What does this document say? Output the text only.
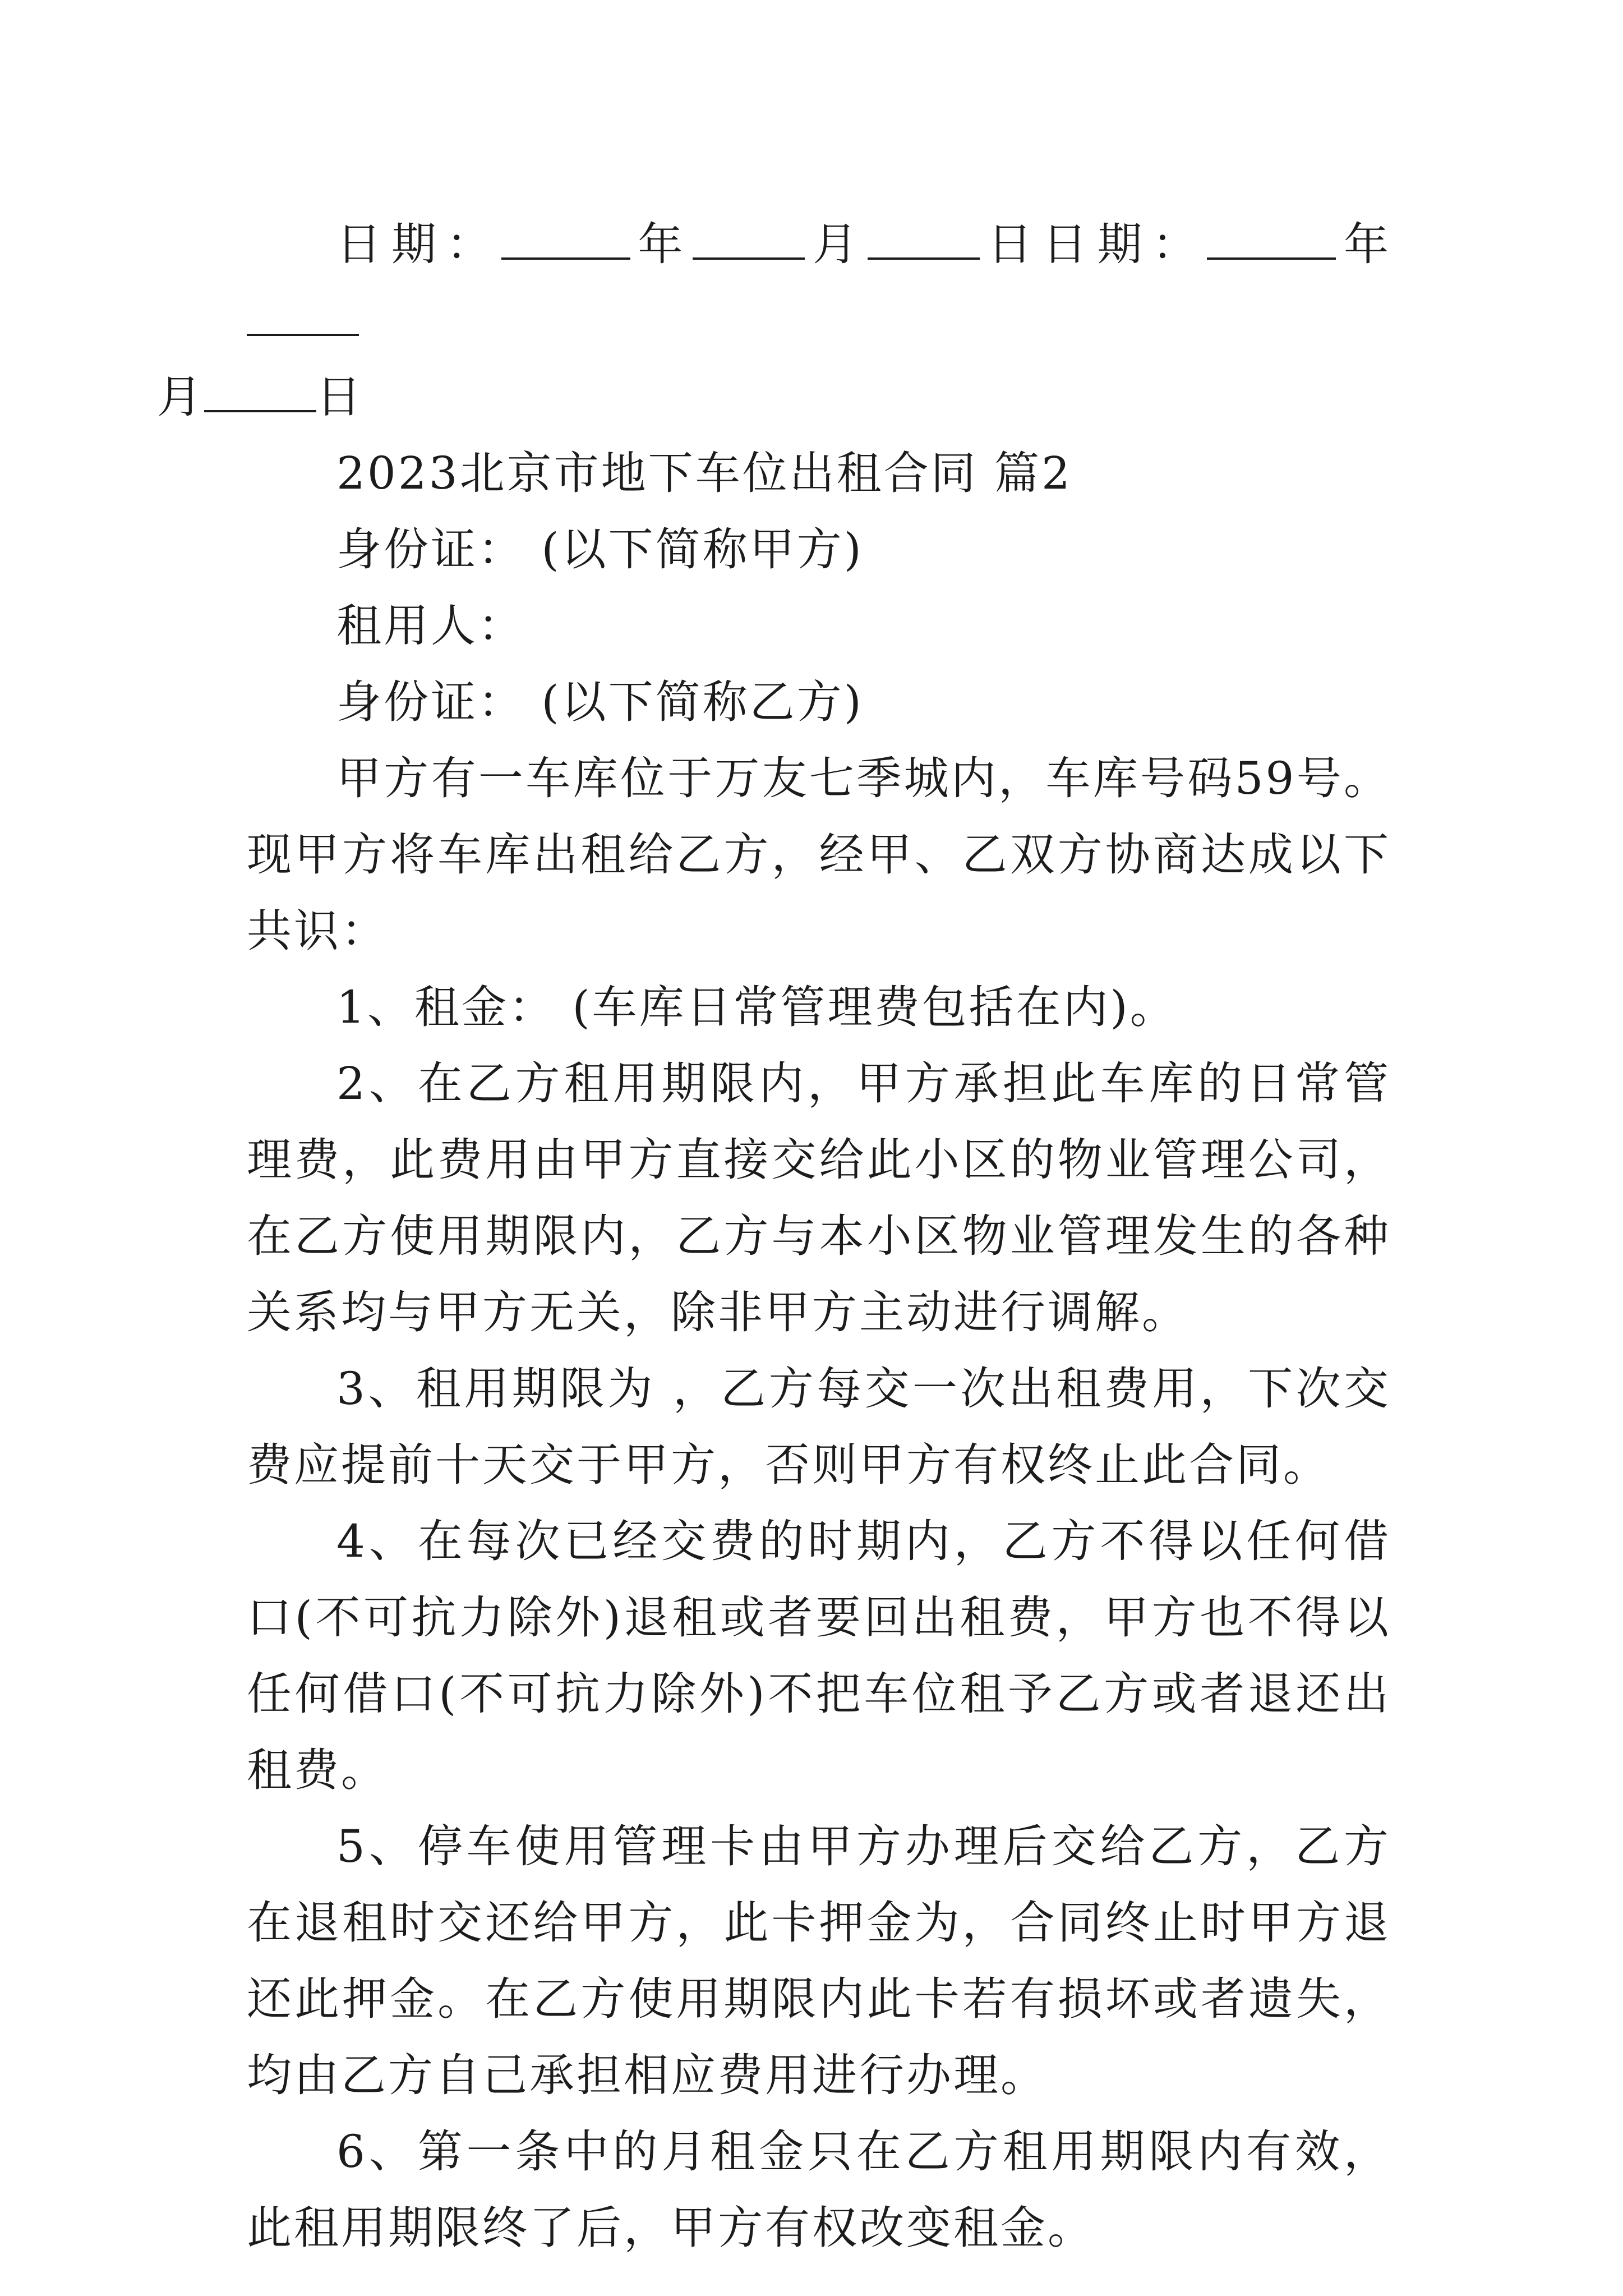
日期：	年	月	日日期：	年
月	日

2023北京市地下车位出租合同 篇2

身份证： (以下简称甲方)

租用人：

身份证： (以下简称乙方)

甲方有一车库位于万友七季城内，车库号码59号。现甲方将车库出租给乙方，经甲、乙双方协商达成以下共识：

1、租金： (车库日常管理费包括在内)。

2、在乙方租用期限内，甲方承担此车库的日常管理费，此费用由甲方直接交给此小区的物业管理公司，在乙方使用期限内，乙方与本小区物业管理发生的各种关系均与甲方无关，除非甲方主动进行调解。

3、租用期限为 ，乙方每交一次出租费用，下次交费应提前十天交于甲方，否则甲方有权终止此合同。

4、在每次已经交费的时期内，乙方不得以任何借口(不可抗力除外)退租或者要回出租费，甲方也不得以任何借口(不可抗力除外)不把车位租予乙方或者退还出租费。

5、停车使用管理卡由甲方办理后交给乙方，乙方在退租时交还给甲方，此卡押金为，合同终止时甲方退还此押金。在乙方使用期限内此卡若有损坏或者遗失，均由乙方自己承担相应费用进行办理。

6、第一条中的月租金只在乙方租用期限内有效，此租用期限终了后，甲方有权改变租金。
